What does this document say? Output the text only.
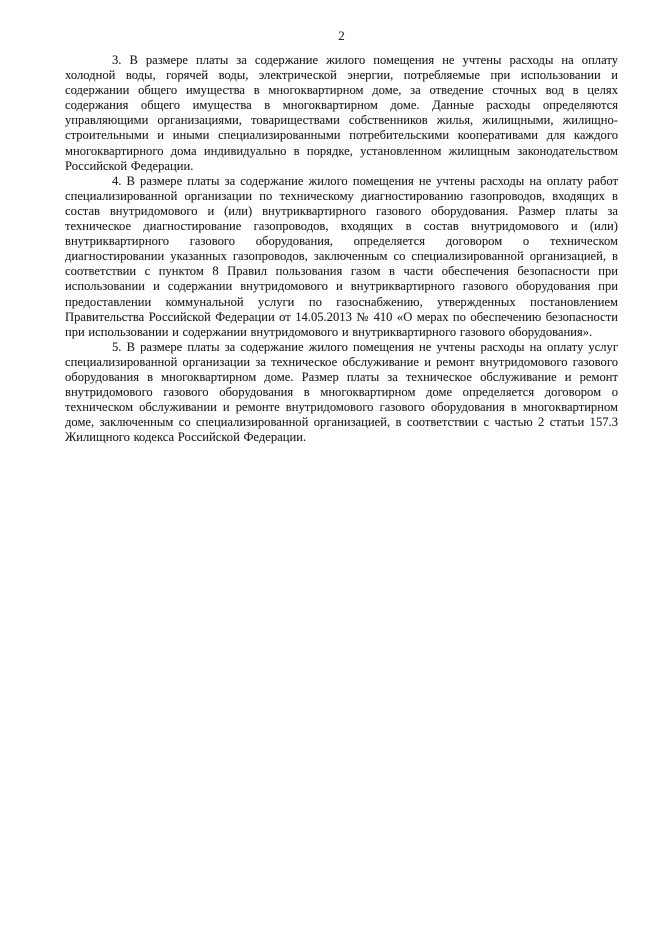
2

3. В размере платы за содержание жилого помещения не учтены расходы на оплату холодной воды, горячей воды, электрической энергии, потребляемые при использовании и содержании общего имущества в многоквартирном доме, за отведение сточных вод в целях содержания общего имущества в многоквартирном доме. Данные расходы определяются управляющими организациями, товариществами собственников жилья, жилищными, жилищно-строительными и иными специализированными потребительскими кооперативами для каждого многоквартирного дома индивидуально в порядке, установленном жилищным законодательством Российской Федерации.

4. В размере платы за содержание жилого помещения не учтены расходы на оплату работ специализированной организации по техническому диагностированию газопроводов, входящих в состав внутридомового и (или) внутриквартирного газового оборудования. Размер платы за техническое диагностирование газопроводов, входящих в состав внутридомового и (или) внутриквартирного газового оборудования, определяется договором о техническом диагностировании указанных газопроводов, заключенным со специализированной организацией, в соответствии с пунктом 8 Правил пользования газом в части обеспечения безопасности при использовании и содержании внутридомового и внутриквартирного газового оборудования при предоставлении коммунальной услуги по газоснабжению, утвержденных постановлением Правительства Российской Федерации от 14.05.2013 № 410 «О мерах по обеспечению безопасности при использовании и содержании внутридомового и внутриквартирного газового оборудования».

5. В размере платы за содержание жилого помещения не учтены расходы на оплату услуг специализированной организации за техническое обслуживание и ремонт внутридомового газового оборудования в многоквартирном доме. Размер платы за техническое обслуживание и ремонт внутридомового газового оборудования в многоквартирном доме определяется договором о техническом обслуживании и ремонте внутридомового газового оборудования в многоквартирном доме, заключенным со специализированной организацией, в соответствии с частью 2 статьи 157.3 Жилищного кодекса Российской Федерации.
